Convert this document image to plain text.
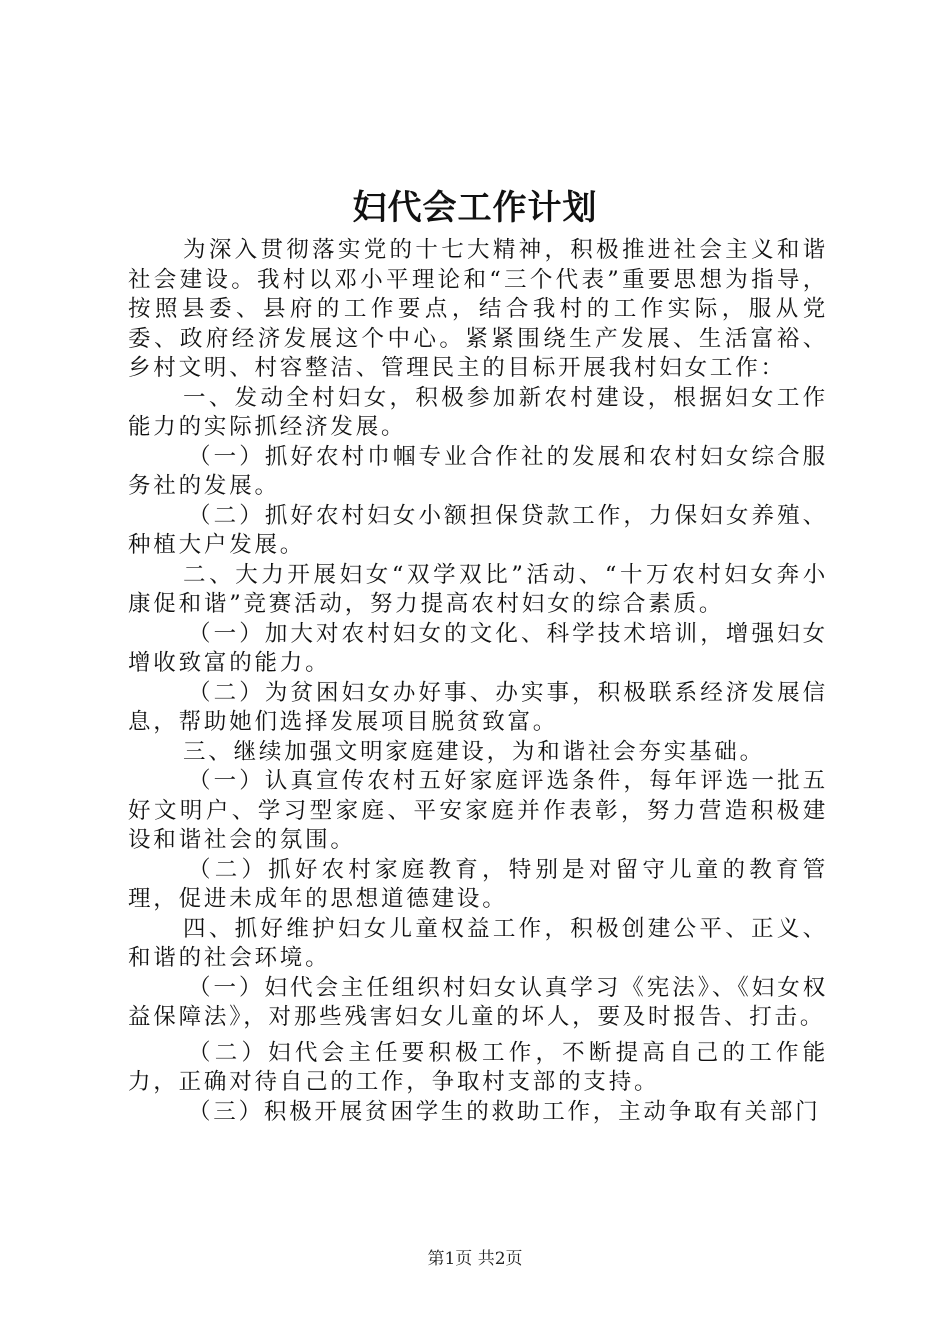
妇代会工作计划

为深入贯彻落实党的十七大精神，积极推进社会主义和谐社会建设。我村以邓小平理论和“三个代表”重要思想为指导，按照县委、县府的工作要点，结合我村的工作实际，服从党委、政府经济发展这个中心。紧紧围绕生产发展、生活富裕、乡村文明、村容整洁、管理民主的目标开展我村妇女工作：

一、发动全村妇女，积极参加新农村建设，根据妇女工作能力的实际抓经济发展。

（一）抓好农村巾帼专业合作社的发展和农村妇女综合服务社的发展。

（二）抓好农村妇女小额担保贷款工作，力保妇女养殖、种植大户发展。

二、大力开展妇女“双学双比”活动、“十万农村妇女奔小康促和谐”竞赛活动，努力提高农村妇女的综合素质。

（一）加大对农村妇女的文化、科学技术培训，增强妇女增收致富的能力。

（二）为贫困妇女办好事、办实事，积极联系经济发展信息，帮助她们选择发展项目脱贫致富。

三、继续加强文明家庭建设，为和谐社会夯实基础。

（一）认真宣传农村五好家庭评选条件，每年评选一批五好文明户、学习型家庭、平安家庭并作表彰，努力营造积极建设和谐社会的氛围。

（二）抓好农村家庭教育，特别是对留守儿童的教育管理，促进未成年的思想道德建设。

四、抓好维护妇女儿童权益工作，积极创建公平、正义、和谐的社会环境。

（一）妇代会主任组织村妇女认真学习《宪法》、《妇女权益保障法》，对那些残害妇女儿童的坏人，要及时报告、打击。

（二）妇代会主任要积极工作，不断提高自己的工作能力，正确对待自己的工作，争取村支部的支持。

（三）积极开展贫困学生的救助工作，主动争取有关部门

第1页 共2页
